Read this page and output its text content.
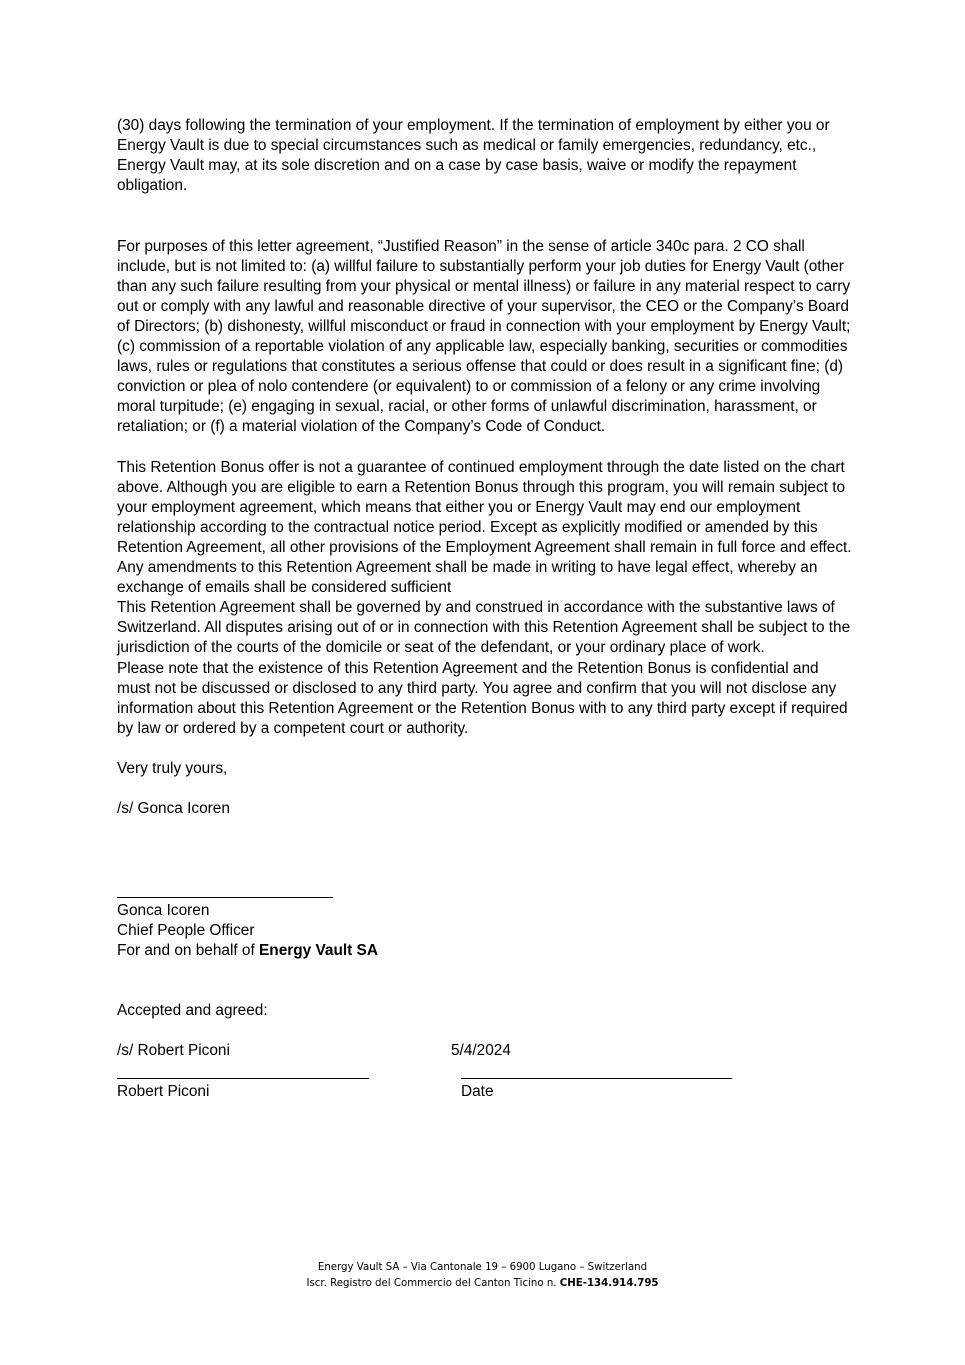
(30) days following the termination of your employment. If the termination of employment by either you or Energy Vault is due to special circumstances such as medical or family emergencies, redundancy, etc., Energy Vault may, at its sole discretion and on a case by case basis, waive or modify the repayment obligation.

For purposes of this letter agreement, “Justified Reason” in the sense of article 340c para. 2 CO shall include, but is not limited to: (a) willful failure to substantially perform your job duties for Energy Vault (other than any such failure resulting from your physical or mental illness) or failure in any material respect to carry out or comply with any lawful and reasonable directive of your supervisor, the CEO or the Company’s Board of Directors; (b) dishonesty, willful misconduct or fraud in connection with your employment by Energy Vault; (c) commission of a reportable violation of any applicable law, especially banking, securities or commodities laws, rules or regulations that constitutes a serious offense that could or does result in a significant fine; (d) conviction or plea of nolo contendere (or equivalent) to or commission of a felony or any crime involving moral turpitude; (e) engaging in sexual, racial, or other forms of unlawful discrimination, harassment, or retaliation; or (f) a material violation of the Company’s Code of Conduct.

This Retention Bonus offer is not a guarantee of continued employment through the date listed on the chart above. Although you are eligible to earn a Retention Bonus through this program, you will remain subject to your employment agreement, which means that either you or Energy Vault may end our employment relationship according to the contractual notice period. Except as explicitly modified or amended by this Retention Agreement, all other provisions of the Employment Agreement shall remain in full force and effect.

Any amendments to this Retention Agreement shall be made in writing to have legal effect, whereby an exchange of emails shall be considered sufficient

This Retention Agreement shall be governed by and construed in accordance with the substantive laws of Switzerland. All disputes arising out of or in connection with this Retention Agreement shall be subject to the jurisdiction of the courts of the domicile or seat of the defendant, or your ordinary place of work.

Please note that the existence of this Retention Agreement and the Retention Bonus is confidential and must not be discussed or disclosed to any third party. You agree and confirm that you will not disclose any information about this Retention Agreement or the Retention Bonus with to any third party except if required by law or ordered by a competent court or authority.

Very truly yours,

/s/ Gonca Icoren

Gonca Icoren
Chief People Officer
For and on behalf of Energy Vault SA
Accepted and agreed:
/s/ Robert Piconi	5/4/2024
Robert Piconi	Date
Energy Vault SA – Via Cantonale 19 – 6900 Lugano – Switzerland
Iscr. Registro del Commercio del Canton Ticino n. CHE-134.914.795
